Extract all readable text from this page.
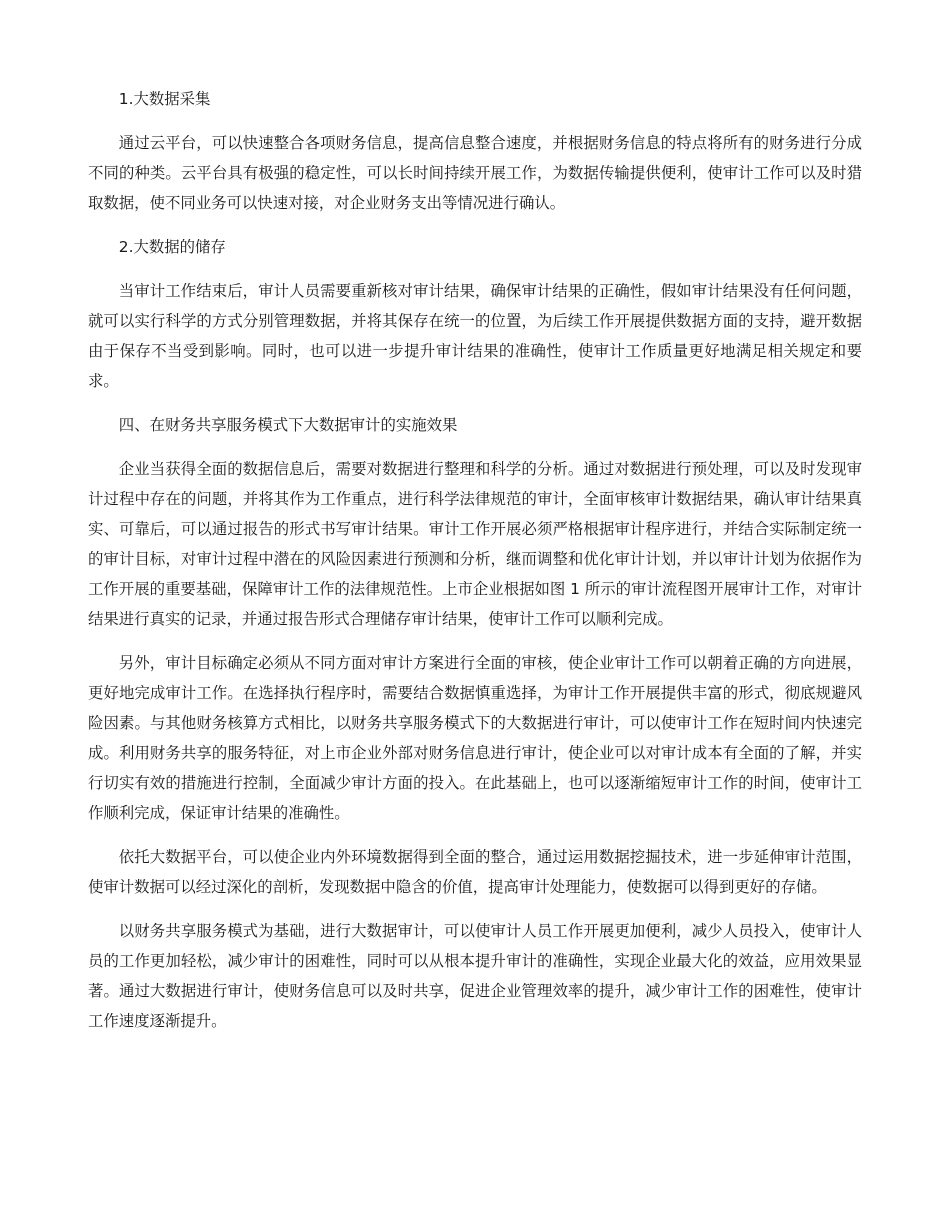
1.大数据采集

通过云平台，可以快速整合各项财务信息，提高信息整合速度，并根据财务信息的特点将所有的财务进行分成不同的种类。云平台具有极强的稳定性，可以长时间持续开展工作，为数据传输提供便利，使审计工作可以及时猎取数据，使不同业务可以快速对接，对企业财务支出等情况进行确认。

2.大数据的储存

当审计工作结束后，审计人员需要重新核对审计结果，确保审计结果的正确性，假如审计结果没有任何问题，就可以实行科学的方式分别管理数据，并将其保存在统一的位置，为后续工作开展提供数据方面的支持，避开数据由于保存不当受到影响。同时，也可以进一步提升审计结果的准确性，使审计工作质量更好地满足相关规定和要求。

四、在财务共享服务模式下大数据审计的实施效果

企业当获得全面的数据信息后，需要对数据进行整理和科学的分析。通过对数据进行预处理，可以及时发现审计过程中存在的问题，并将其作为工作重点，进行科学法律规范的审计，全面审核审计数据结果，确认审计结果真实、可靠后，可以通过报告的形式书写审计结果。审计工作开展必须严格根据审计程序进行，并结合实际制定统一的审计目标，对审计过程中潜在的风险因素进行预测和分析，继而调整和优化审计计划，并以审计计划为依据作为工作开展的重要基础，保障审计工作的法律规范性。上市企业根据如图 1 所示的审计流程图开展审计工作，对审计结果进行真实的记录，并通过报告形式合理储存审计结果，使审计工作可以顺利完成。

另外，审计目标确定必须从不同方面对审计方案进行全面的审核，使企业审计工作可以朝着正确的方向进展，更好地完成审计工作。在选择执行程序时，需要结合数据慎重选择，为审计工作开展提供丰富的形式，彻底规避风险因素。与其他财务核算方式相比，以财务共享服务模式下的大数据进行审计，可以使审计工作在短时间内快速完成。利用财务共享的服务特征，对上市企业外部对财务信息进行审计，使企业可以对审计成本有全面的了解，并实行切实有效的措施进行控制，全面减少审计方面的投入。在此基础上，也可以逐渐缩短审计工作的时间，使审计工作顺利完成，保证审计结果的准确性。

依托大数据平台，可以使企业内外环境数据得到全面的整合，通过运用数据挖掘技术，进一步延伸审计范围，使审计数据可以经过深化的剖析，发现数据中隐含的价值，提高审计处理能力，使数据可以得到更好的存储。

以财务共享服务模式为基础，进行大数据审计，可以使审计人员工作开展更加便利，减少人员投入，使审计人员的工作更加轻松，减少审计的困难性，同时可以从根本提升审计的准确性，实现企业最大化的效益，应用效果显著。通过大数据进行审计，使财务信息可以及时共享，促进企业管理效率的提升，减少审计工作的困难性，使审计工作速度逐渐提升。
